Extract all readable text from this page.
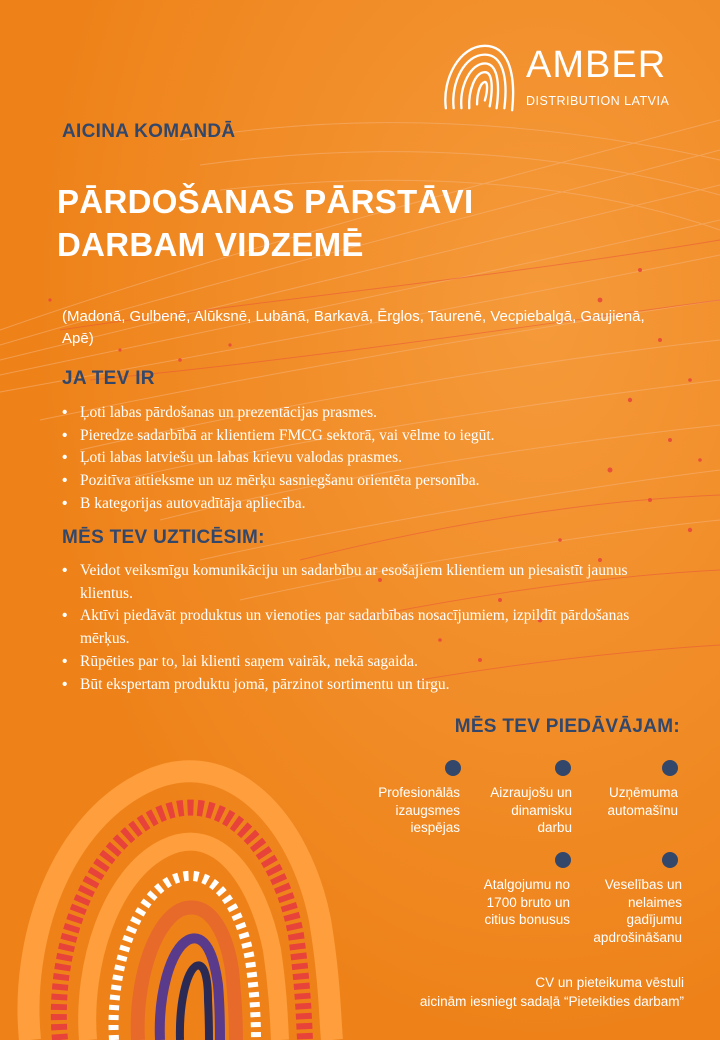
AMBER
DISTRIBUTION LATVIA
AICINA KOMANDĀ
PĀRDOŠANAS PĀRSTĀVI
DARBAM VIDZEMĒ
(Madonā, Gulbenē, Alūksnē, Lubānā, Barkavā, Ērglos, Taurenē, Vecpiebalgā, Gaujienā, Apē)
JA TEV IR
• Ļoti labas pārdošanas un prezentācijas prasmes.
• Pieredze sadarbībā ar klientiem FMCG sektorā, vai vēlme to iegūt.
• Ļoti labas latviešu un labas krievu valodas prasmes.
• Pozitīva attieksme un uz mērķu sasniegšanu orientēta personība.
• B kategorijas autovadītāja apliecība.
MĒS TEV UZTICĒSIM:
• Veidot veiksmīgu komunikāciju un sadarbību ar esošajiem klientiem un piesaistīt jaunus klientus.
• Aktīvi piedāvāt produktus un vienoties par sadarbības nosacījumiem, izpildīt pārdošanas mērķus.
• Rūpēties par to, lai klienti saņem vairāk, nekā sagaida.
• Būt ekspertam produktu jomā, pārzinot sortimentu un tirgu.
MĒS TEV PIEDĀVĀJAM:
Profesionālās
izaugsmes
iespējas
Aizraujošu un
dinamisku
darbu
Uzņēmuma
automašīnu
Atalgojumu no
1700 bruto un
citius bonusus
Veselības un
nelaimes
gadījumu
apdrošināšanu
CV un pieteikuma vēstuli
aicinām iesniegt sadaļā “Pieteikties darbam”
